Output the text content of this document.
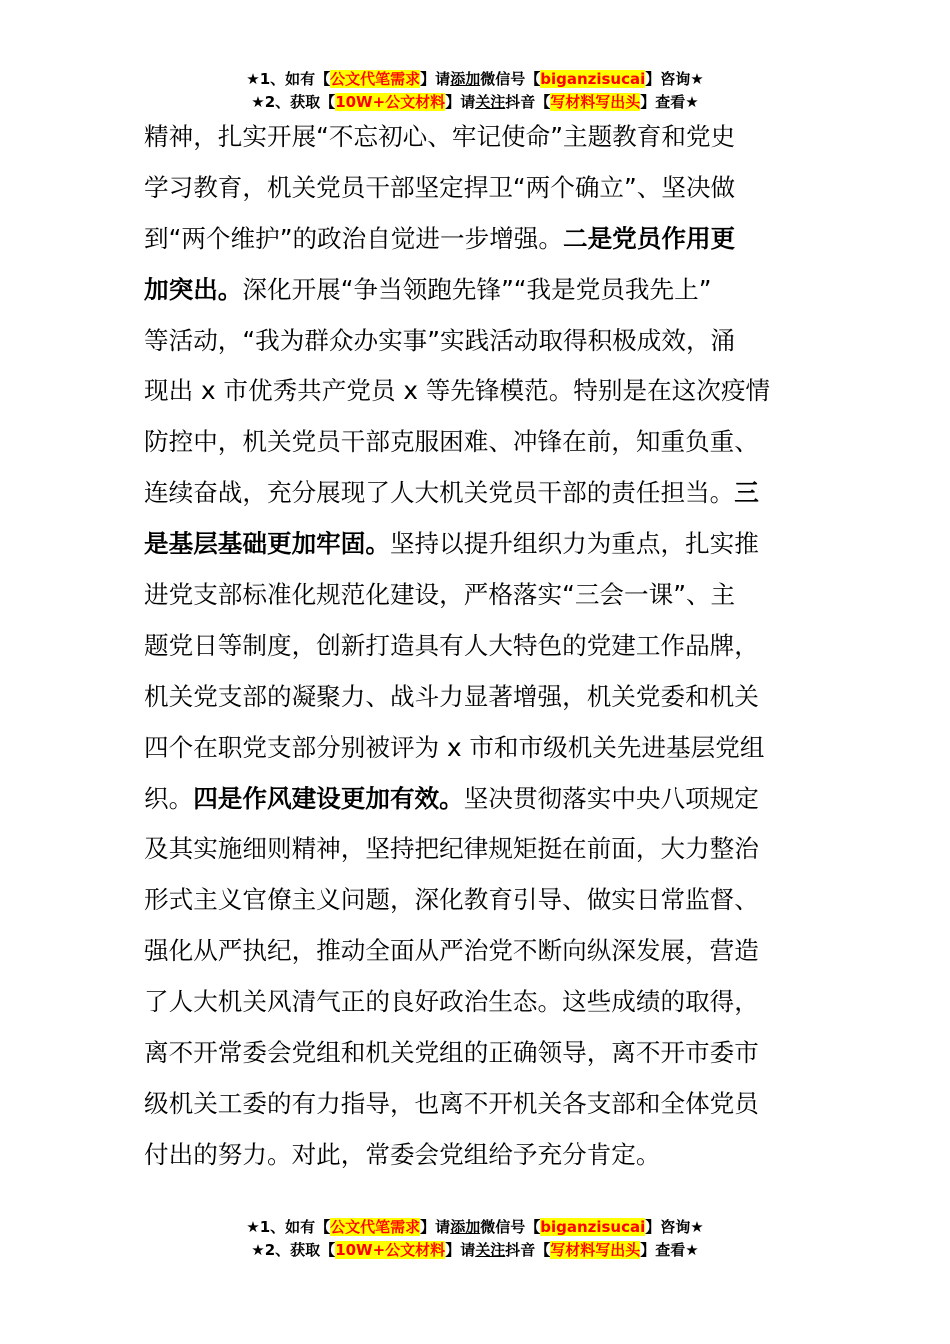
★1、如有【公文代笔需求】请添加微信号【biganzisucai】咨询★
★2、获取【10W+公文材料】请关注抖音【写材料写出头】查看★
精神，扎实开展“不忘初心、牢记使命”主题教育和党史
学习教育，机关党员干部坚定捍卫“两个确立”、坚决做
到“两个维护”的政治自觉进一步增强。二是党员作用更
加突出。深化开展“争当领跑先锋”“我是党员我先上”
等活动，“我为群众办实事”实践活动取得积极成效，涌
现出 x 市优秀共产党员 x 等先锋模范。特别是在这次疫情
防控中，机关党员干部克服困难、冲锋在前，知重负重、
连续奋战，充分展现了人大机关党员干部的责任担当。三
是基层基础更加牢固。坚持以提升组织力为重点，扎实推
进党支部标准化规范化建设，严格落实“三会一课”、主
题党日等制度，创新打造具有人大特色的党建工作品牌，
机关党支部的凝聚力、战斗力显著增强，机关党委和机关
四个在职党支部分别被评为 x 市和市级机关先进基层党组
织。四是作风建设更加有效。坚决贯彻落实中央八项规定
及其实施细则精神，坚持把纪律规矩挺在前面，大力整治
形式主义官僚主义问题，深化教育引导、做实日常监督、
强化从严执纪，推动全面从严治党不断向纵深发展，营造
了人大机关风清气正的良好政治生态。这些成绩的取得，
离不开常委会党组和机关党组的正确领导，离不开市委市
级机关工委的有力指导，也离不开机关各支部和全体党员
付出的努力。对此，常委会党组给予充分肯定。
★1、如有【公文代笔需求】请添加微信号【biganzisucai】咨询★
★2、获取【10W+公文材料】请关注抖音【写材料写出头】查看★
